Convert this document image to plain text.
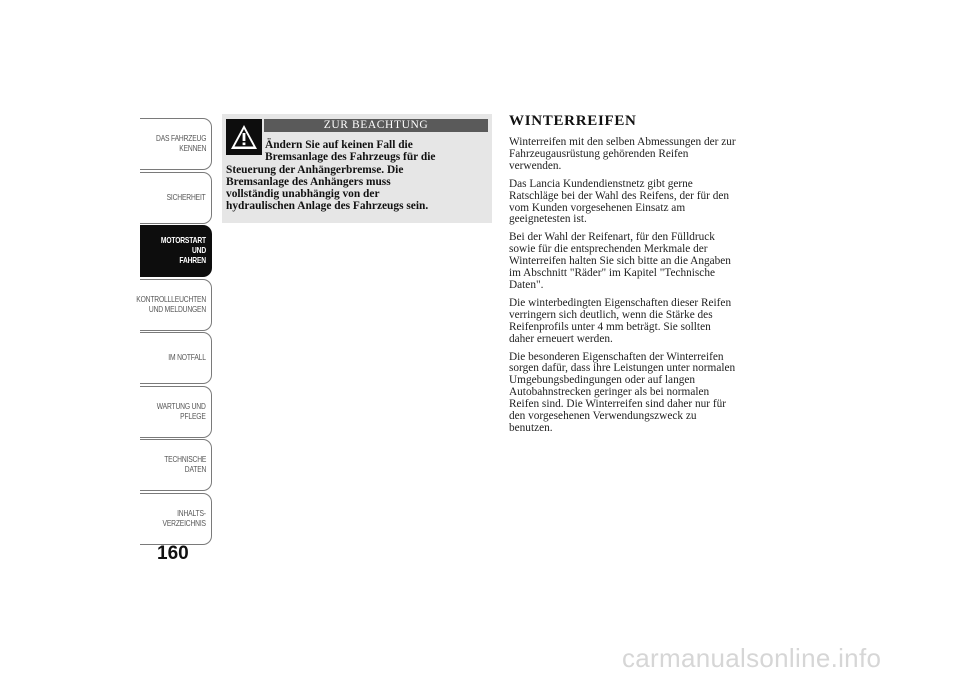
DAS FAHRZEUG
KENNEN
SICHERHEIT
MOTORSTART UND
FAHREN
KONTROLLLEUCHTEN
UND MELDUNGEN
IM NOTFALL
WARTUNG UND
PFLEGE
TECHNISCHE
DATEN
INHALTS-
VERZEICHNIS
160
ZUR BEACHTUNG
Ändern Sie auf keinen Fall die
Bremsanlage des Fahrzeugs für die
Steuerung der Anhängerbremse. Die
Bremsanlage des Anhängers muss
vollständig unabhängig von der
hydraulischen Anlage des Fahrzeugs sein.
WINTERREIFEN

Winterreifen mit den selben Abmessungen der zur
Fahrzeugausrüstung gehörenden Reifen
verwenden.

Das Lancia Kundendienstnetz gibt gerne
Ratschläge bei der Wahl des Reifens, der für den
vom Kunden vorgesehenen Einsatz am
geeignetesten ist.

Bei der Wahl der Reifenart, für den Fülldruck
sowie für die entsprechenden Merkmale der
Winterreifen halten Sie sich bitte an die Angaben
im Abschnitt "Räder" im Kapitel "Technische
Daten".

Die winterbedingten Eigenschaften dieser Reifen
verringern sich deutlich, wenn die Stärke des
Reifenprofils unter 4 mm beträgt. Sie sollten
daher erneuert werden.

Die besonderen Eigenschaften der Winterreifen
sorgen dafür, dass ihre Leistungen unter normalen
Umgebungsbedingungen oder auf langen
Autobahnstrecken geringer als bei normalen
Reifen sind. Die Winterreifen sind daher nur für
den vorgesehenen Verwendungszweck zu
benutzen.

carmanualsonline.info
